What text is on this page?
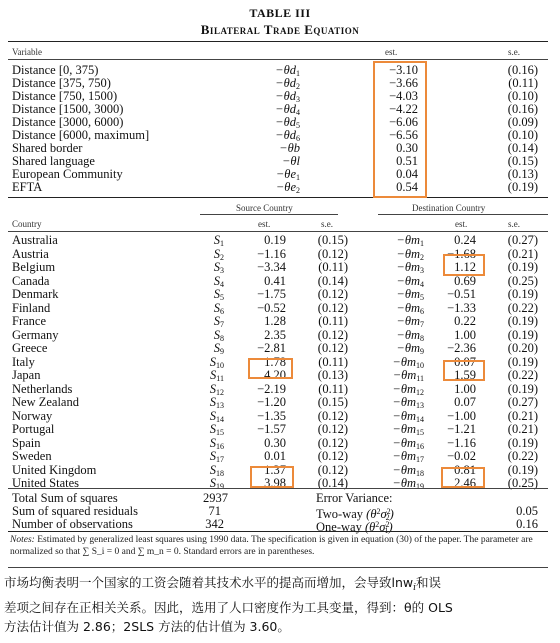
TABLE III
Bilateral Trade Equation
Variable	est.	s.e.
Distance [0, 375)	$-\theta d_1$	−3.10	(0.16)
Distance [375, 750)	$-\theta d_2$	−3.66	(0.11)
Distance [750, 1500)	$-\theta d_3$	−4.03	(0.10)
Distance [1500, 3000)	$-\theta d_4$	−4.22	(0.16)
Distance [3000, 6000)	$-\theta d_5$	−6.06	(0.09)
Distance [6000, maximum]	$-\theta d_6$	−6.56	(0.10)
Shared border	−θb	0.30	(0.14)
Shared language	−θl	0.51	(0.15)
European Community	$-\theta e_1$	0.04	(0.13)
EFTA	$-\theta e_2$	0.54	(0.19)
Source Country	Destination Country
Country	est.	s.e.	est.	s.e.
Australia	$S_1$	0.19	(0.15)	$-\theta m_1$	0.24	(0.27)
Austria	$S_2$	−1.16	(0.12)	$-\theta m_2$	−1.68	(0.21)
Belgium	$S_3$	−3.34	(0.11)	$-\theta m_3$	1.12	(0.19)
Canada	$S_4$	0.41	(0.14)	$-\theta m_4$	0.69	(0.25)
Denmark	$S_5$	−1.75	(0.12)	$-\theta m_5$	−0.51	(0.19)
Finland	$S_6$	−0.52	(0.12)	$-\theta m_6$	−1.33	(0.22)
France	$S_7$	1.28	(0.11)	$-\theta m_7$	0.22	(0.19)
Germany	$S_8$	2.35	(0.12)	$-\theta m_8$	1.00	(0.19)
Greece	$S_9$	−2.81	(0.12)	$-\theta m_9$	−2.36	(0.20)
Italy	$S_{10}$	1.78	(0.11)	$-\theta m_{10}$	0.07	(0.19)
Japan	$S_{11}$	4.20	(0.13)	$-\theta m_{11}$	1.59	(0.22)
Netherlands	$S_{12}$	−2.19	(0.11)	$-\theta m_{12}$	1.00	(0.19)
New Zealand	$S_{13}$	−1.20	(0.15)	$-\theta m_{13}$	0.07	(0.27)
Norway	$S_{14}$	−1.35	(0.12)	$-\theta m_{14}$	−1.00	(0.21)
Portugal	$S_{15}$	−1.57	(0.12)	$-\theta m_{15}$	−1.21	(0.21)
Spain	$S_{16}$	0.30	(0.12)	$-\theta m_{16}$	−1.16	(0.19)
Sweden	$S_{17}$	0.01	(0.12)	$-\theta m_{17}$	−0.02	(0.22)
United Kingdom	$S_{18}$	1.37	(0.12)	$-\theta m_{18}$	0.81	(0.19)
United States	$S_{19}$	3.98	(0.14)	$-\theta m_{19}$	2.46	(0.25)
Total Sum of squares	2937
Sum of squared residuals	71
Number of observations	342
Error Variance:
Two-way $(\theta^2\sigma^2_2)$	0.05
One-way $(\theta^2\sigma^2_1)$	0.16
Notes: Estimated by generalized least squares using 1990 data. The specification is given in equation (30) of the paper. The parameter are normalized so that ∑ S_i = 0 and ∑ m_n = 0. Standard errors are in parentheses.
市场均衡表明一个国家的工资会随着其技术水平的提高而增加，会导致lnw$_i$和误
差项之间存在正相关关系。因此，选用了人口密度作为工具变量，得到：θ的 OLS
方法估计值为 2.86；2SLS 方法的估计值为 3.60。
